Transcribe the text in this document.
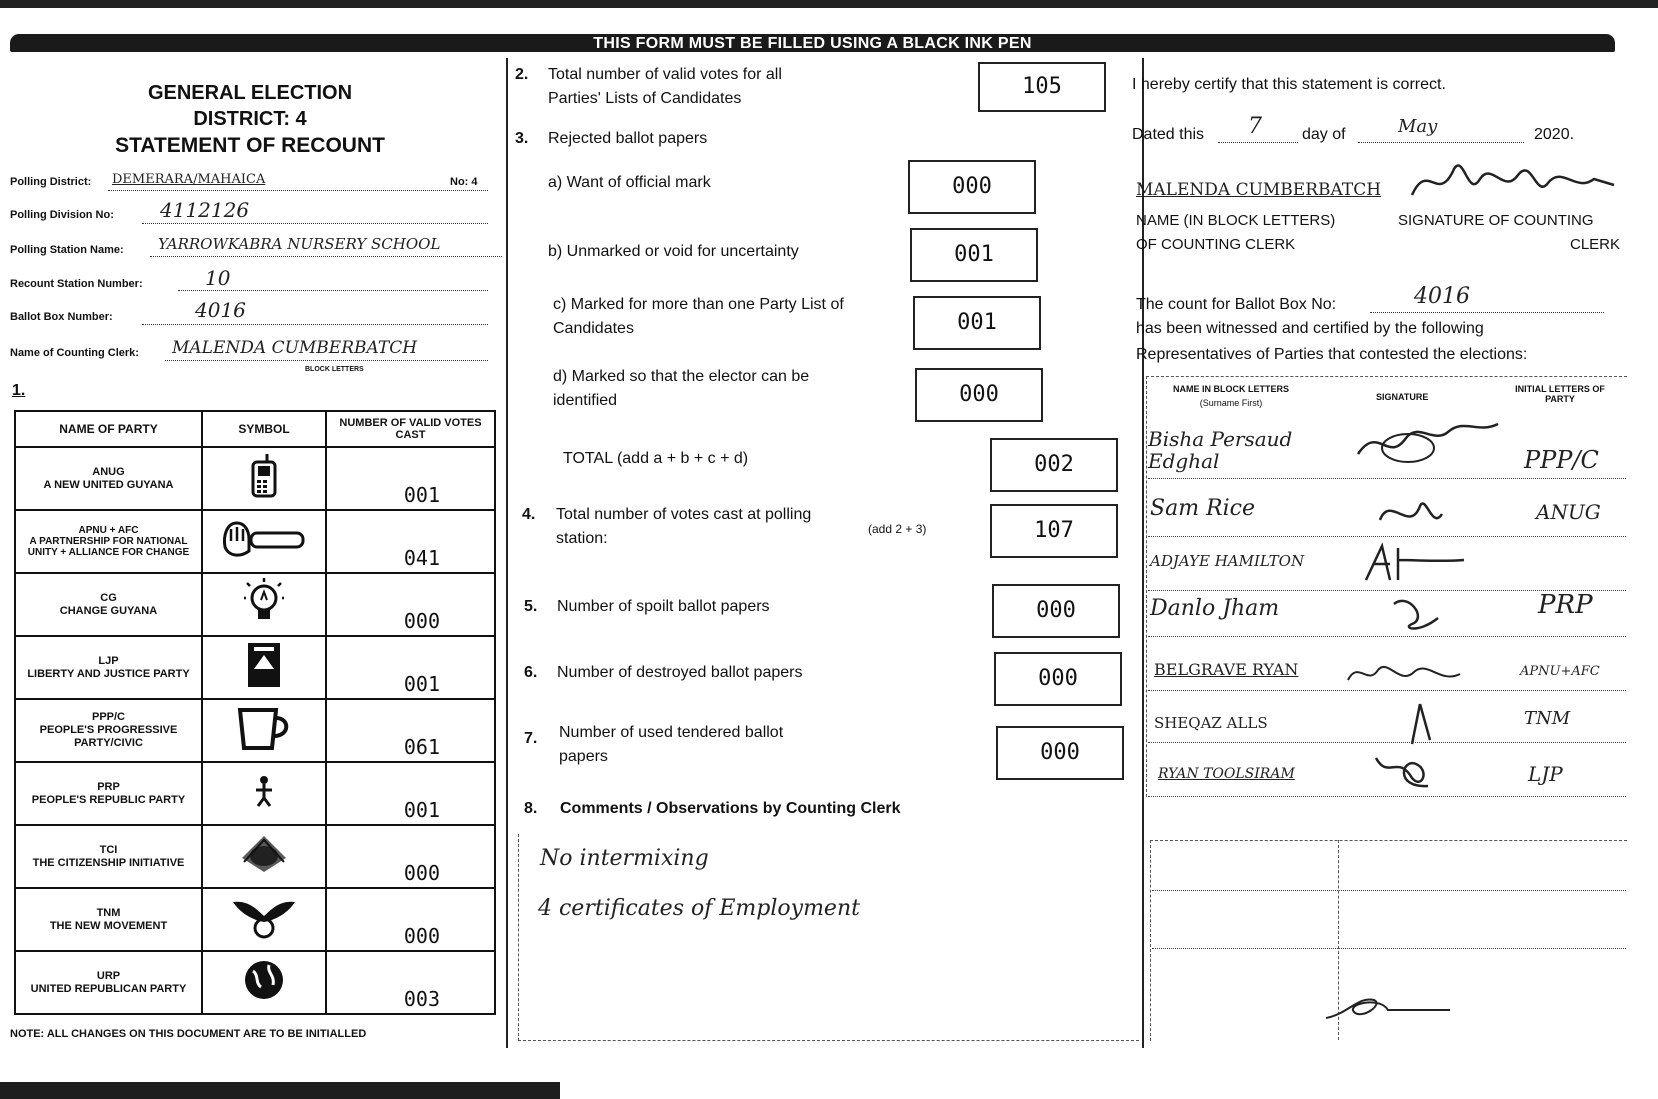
THIS FORM MUST BE FILLED USING A BLACK INK PEN
GENERAL ELECTION
DISTRICT: 4
STATEMENT OF RECOUNT
Polling District: DEMERARA/MAHAICA	No: 4
Polling Division No: 4112126
Polling Station Name: YARROWKABRA NURSERY SCHOOL
Recount Station Number:	10
Ballot Box Number:	4016
Name of Counting Clerk: MALENDA CUMBERBATCH
BLOCK LETTERS
1.
NAME OF PARTY	SYMBOL	NUMBER OF VALID VOTES CAST

ANUG
A NEW UNITED GUYANA		001

APNU + AFC
A PARTNERSHIP FOR NATIONAL UNITY + ALLIANCE FOR CHANGE		041

CG
CHANGE GUYANA		000

LJP
LIBERTY AND JUSTICE PARTY		001

PPP/C
PEOPLE'S PROGRESSIVE PARTY/CIVIC		061

PRP
PEOPLE'S REPUBLIC PARTY		001

TCI
THE CITIZENSHIP INITIATIVE		000

TNM
THE NEW MOVEMENT		000

URP
UNITED REPUBLICAN PARTY		003
NOTE: ALL CHANGES ON THIS DOCUMENT ARE TO BE INITIALLED
2. Total number of valid votes for all
Parties' Lists of Candidates	105
3. Rejected ballot papers
a) Want of official mark	000
b) Unmarked or void for uncertainty	001
c) Marked for more than one Party List of
Candidates	001
d) Marked so that the elector can be
identified	000
TOTAL (add a + b + c + d)	002
4. Total number of votes cast at polling
station:
(add 2 + 3)	107
5. Number of spoilt ballot papers	000
6. Number of destroyed ballot papers	000
7. Number of used tendered ballot
papers	000
8. Comments / Observations by Counting Clerk
No intermixing
4 certificates of Employment
I hereby certify that this statement is correct.
Dated this 7	day of	May	2020.
MALENDA CUMBERBATCH
NAME (IN BLOCK LETTERS)
OF COUNTING CLERK
SIGNATURE OF COUNTING
CLERK
The count for Ballot Box No:	4016
has been witnessed and certified by the following
Representatives of Parties that contested the elections:
NAME IN BLOCK LETTERS
(Surname First)
SIGNATURE
INITIAL LETTERS OF PARTY
Bisha Persaud Edghal	PPP/C
Sam Rice	ANUG
ADJAYE HAMILTON
Danlo Jham	PRP
BELGRAVE RYAN	APNU+AFC
SHEQAZ ALLS	TNM
RYAN TOOLSIRAM	LJP
